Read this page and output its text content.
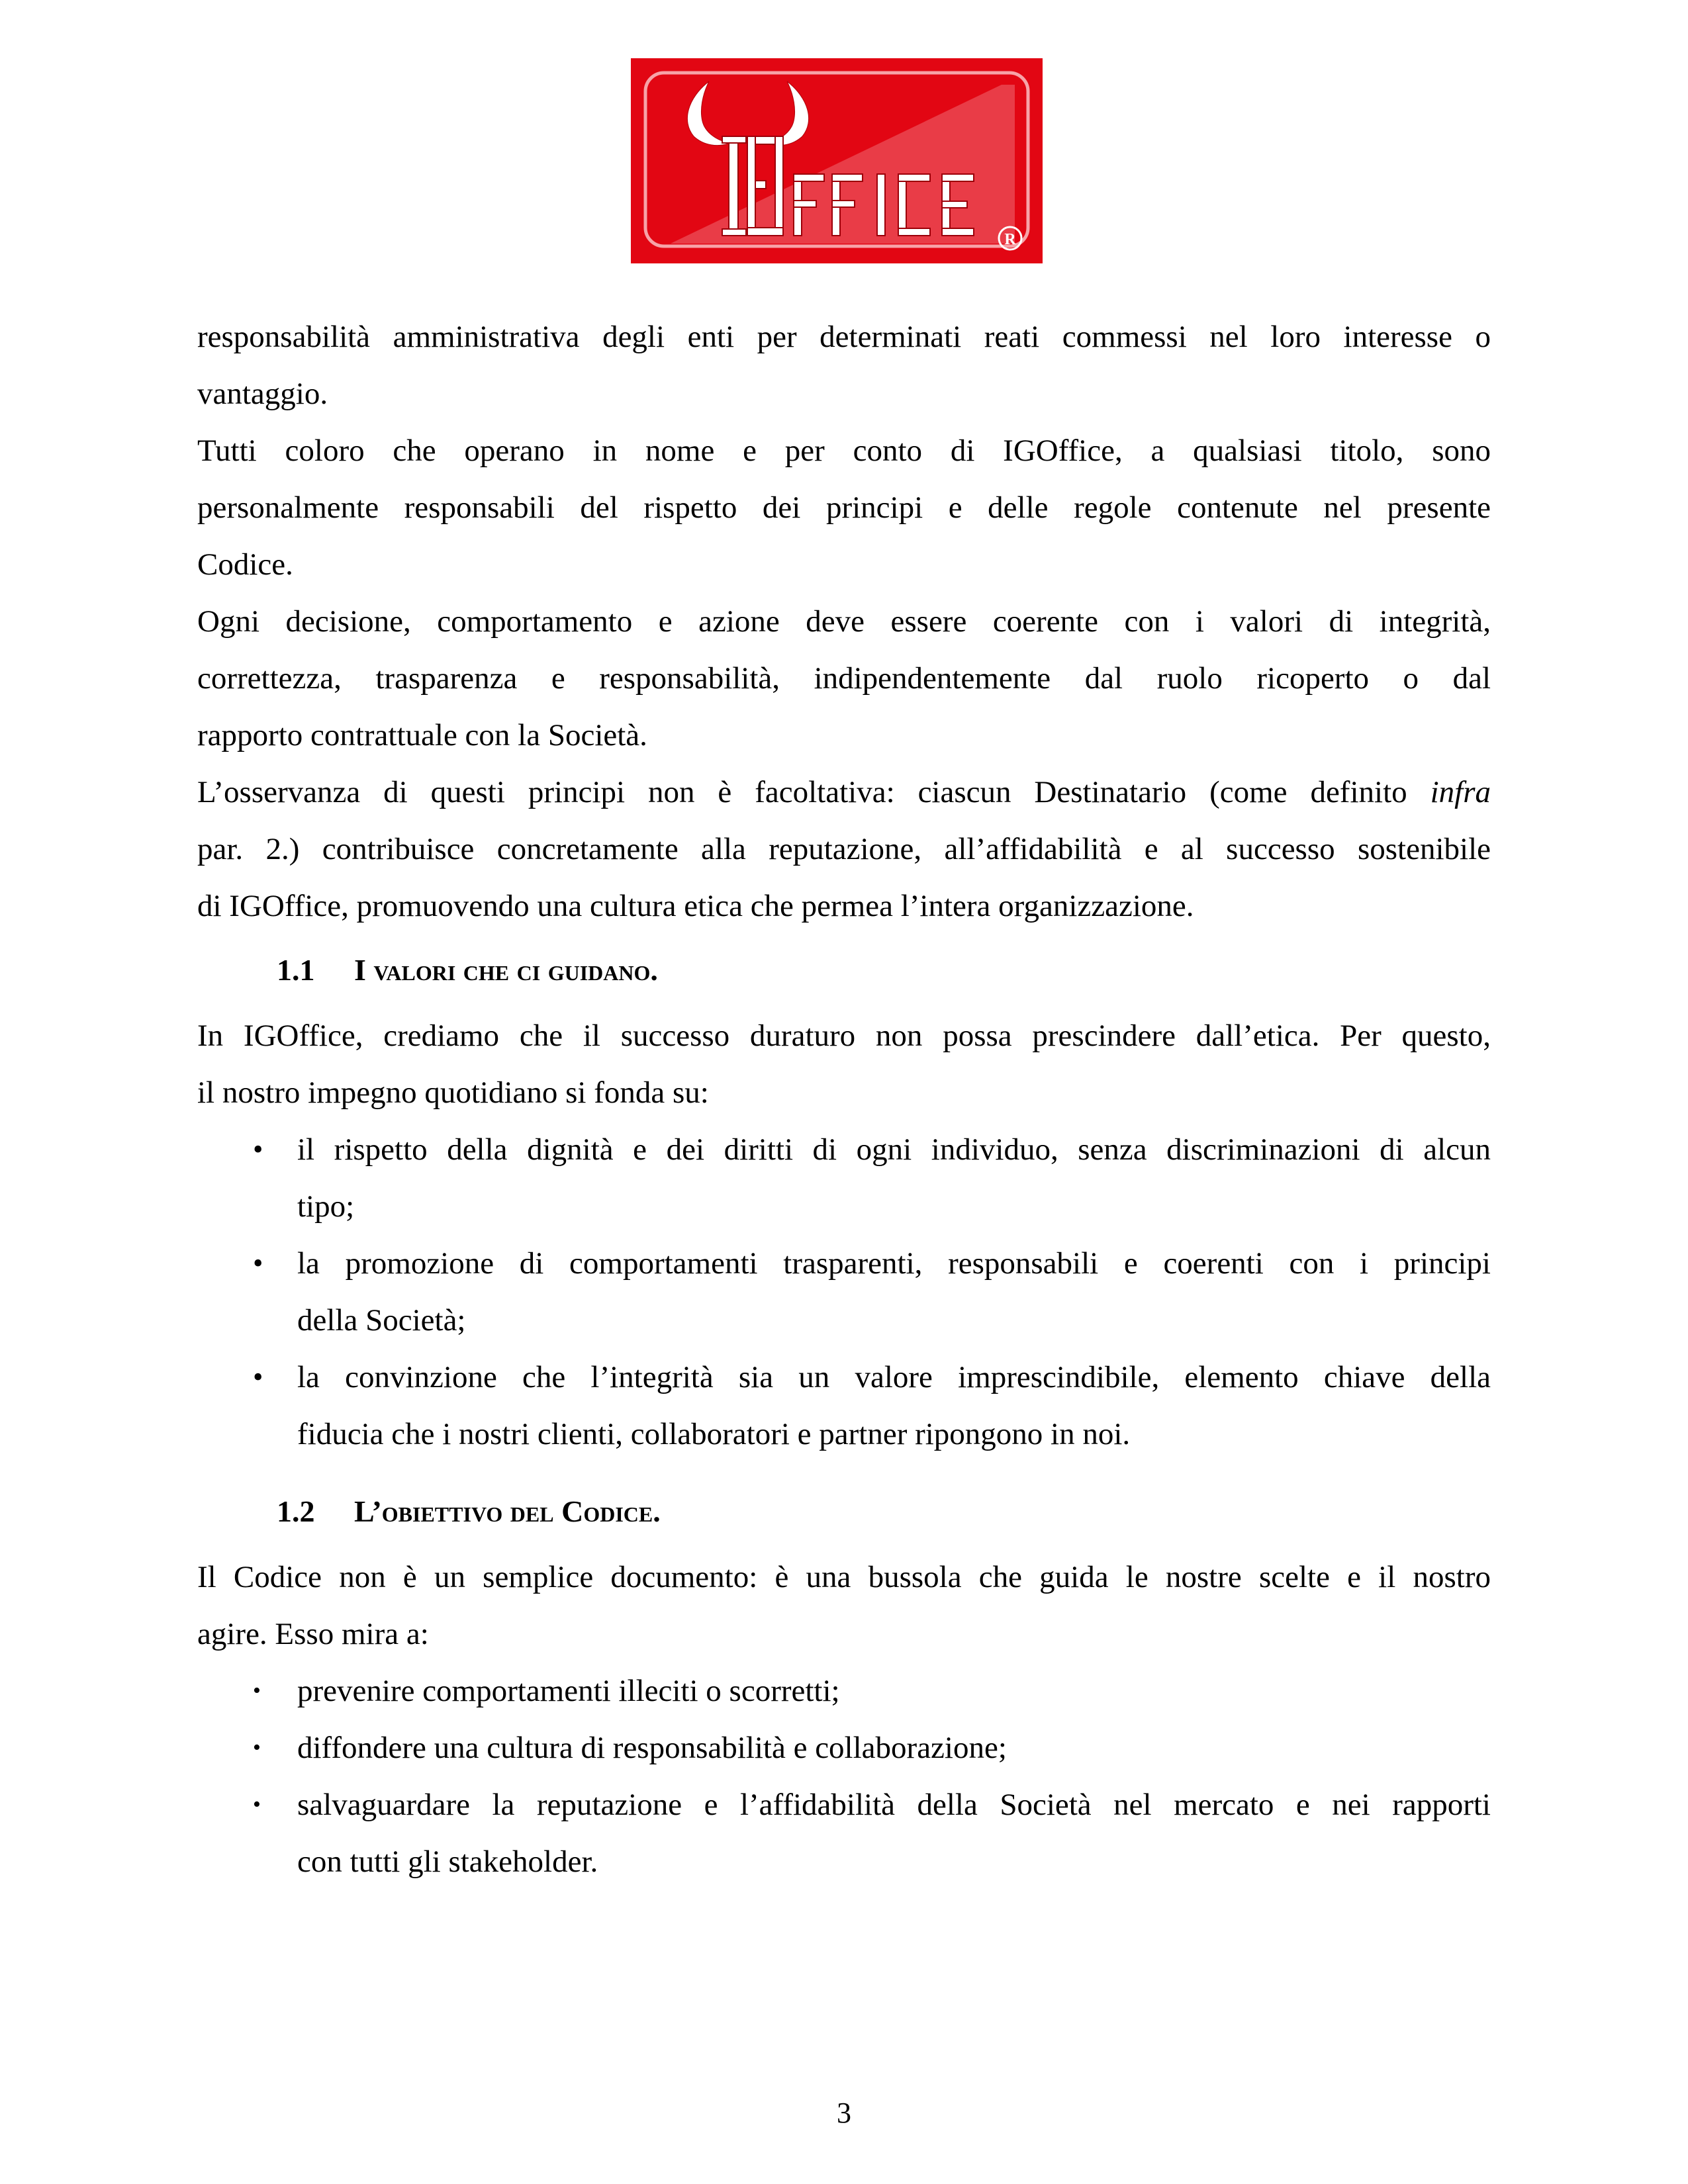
R
responsabilità amministrativa degli enti per determinati reati commessi nel loro interesse o
vantaggio.
Tutti coloro che operano in nome e per conto di IGOffice, a qualsiasi titolo, sono
personalmente responsabili del rispetto dei principi e delle regole contenute nel presente
Codice.
Ogni decisione, comportamento e azione deve essere coerente con i valori di integrità,
correttezza, trasparenza e responsabilità, indipendentemente dal ruolo ricoperto o dal
rapporto contrattuale con la Società.
L’osservanza di questi principi non è facoltativa: ciascun Destinatario (come definito infra
par. 2.) contribuisce concretamente alla reputazione, all’affidabilità e al successo sostenibile
di IGOffice, promuovendo una cultura etica che permea l’intera organizzazione.
1.1 I valori che ci guidano.
In IGOffice, crediamo che il successo duraturo non possa prescindere dall’etica. Per questo,
il nostro impegno quotidiano si fonda su:
• il rispetto della dignità e dei diritti di ogni individuo, senza discriminazioni di alcun
tipo;
• la promozione di comportamenti trasparenti, responsabili e coerenti con i principi
della Società;
• la convinzione che l’integrità sia un valore imprescindibile, elemento chiave della
fiducia che i nostri clienti, collaboratori e partner ripongono in noi.
1.2 L’obiettivo del Codice.
Il Codice non è un semplice documento: è una bussola che guida le nostre scelte e il nostro
agire. Esso mira a:
• prevenire comportamenti illeciti o scorretti;
• diffondere una cultura di responsabilità e collaborazione;
• salvaguardare la reputazione e l’affidabilità della Società nel mercato e nei rapporti
con tutti gli stakeholder.
3
